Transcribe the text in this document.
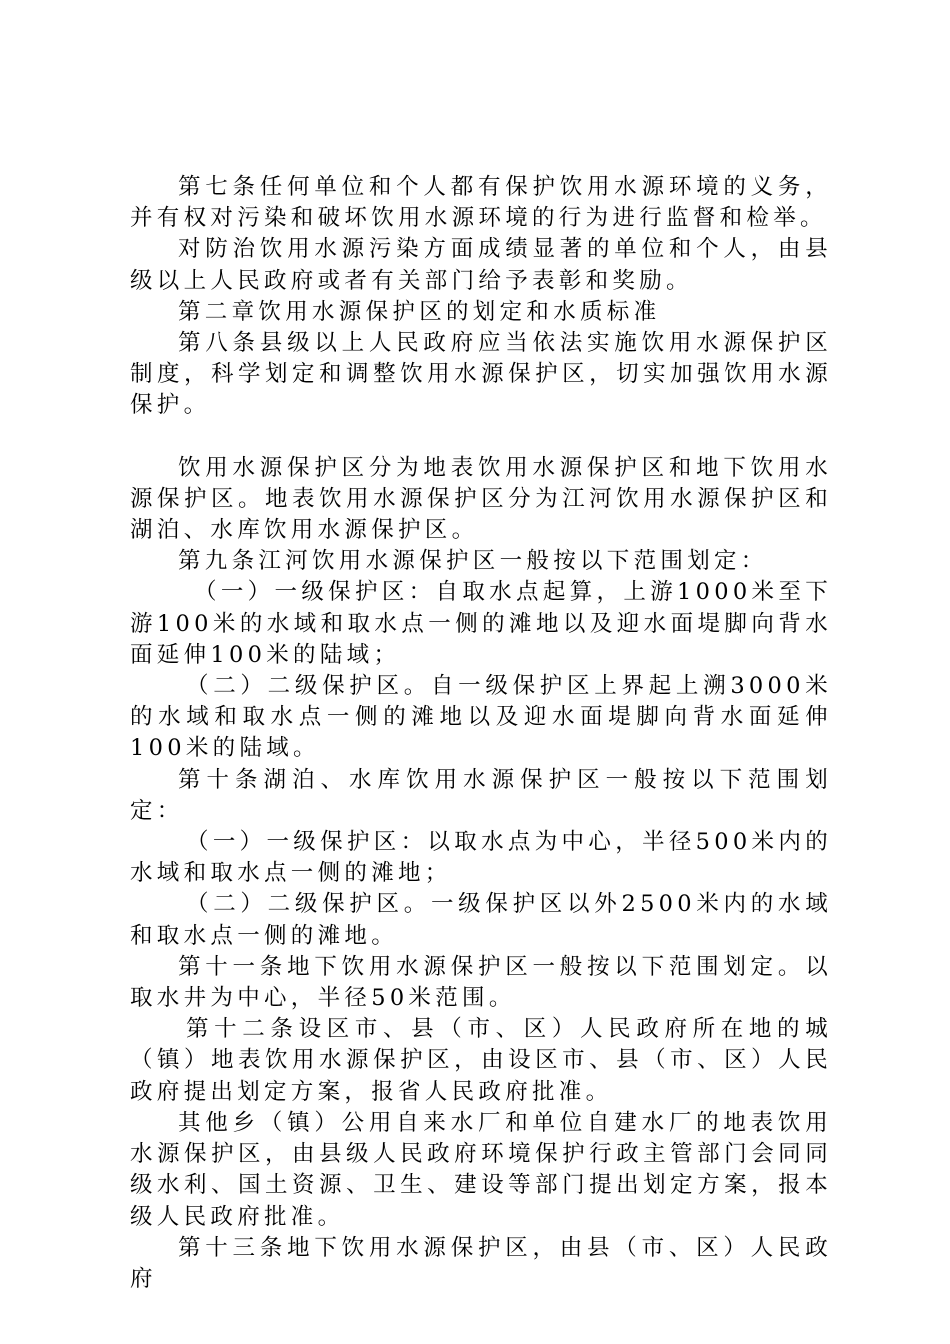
第七条任何单位和个人都有保护饮用水源环境的义务，并有权对污染和破坏饮用水源环境的行为进行监督和检举。

对防治饮用水源污染方面成绩显著的单位和个人，由县级以上人民政府或者有关部门给予表彰和奖励。

第二章饮用水源保护区的划定和水质标准

第八条县级以上人民政府应当依法实施饮用水源保护区制度，科学划定和调整饮用水源保护区，切实加强饮用水源保护。

饮用水源保护区分为地表饮用水源保护区和地下饮用水源保护区。地表饮用水源保护区分为江河饮用水源保护区和湖泊、水库饮用水源保护区。

第九条江河饮用水源保护区一般按以下范围划定：

（一）一级保护区：自取水点起算，上游1000米至下游100米的水域和取水点一侧的滩地以及迎水面堤脚向背水面延伸100米的陆域；

（二）二级保护区。自一级保护区上界起上溯3000米的水域和取水点一侧的滩地以及迎水面堤脚向背水面延伸100米的陆域。

第十条湖泊、水库饮用水源保护区一般按以下范围划定：

（一）一级保护区：以取水点为中心，半径500米内的水域和取水点一侧的滩地；

（二）二级保护区。一级保护区以外2500米内的水域和取水点一侧的滩地。

第十一条地下饮用水源保护区一般按以下范围划定。以取水井为中心，半径50米范围。

第十二条设区市、县（市、区）人民政府所在地的城（镇）地表饮用水源保护区，由设区市、县（市、区）人民政府提出划定方案，报省人民政府批准。

其他乡（镇）公用自来水厂和单位自建水厂的地表饮用水源保护区，由县级人民政府环境保护行政主管部门会同同级水利、国土资源、卫生、建设等部门提出划定方案，报本级人民政府批准。

第十三条地下饮用水源保护区，由县（市、区）人民政府
